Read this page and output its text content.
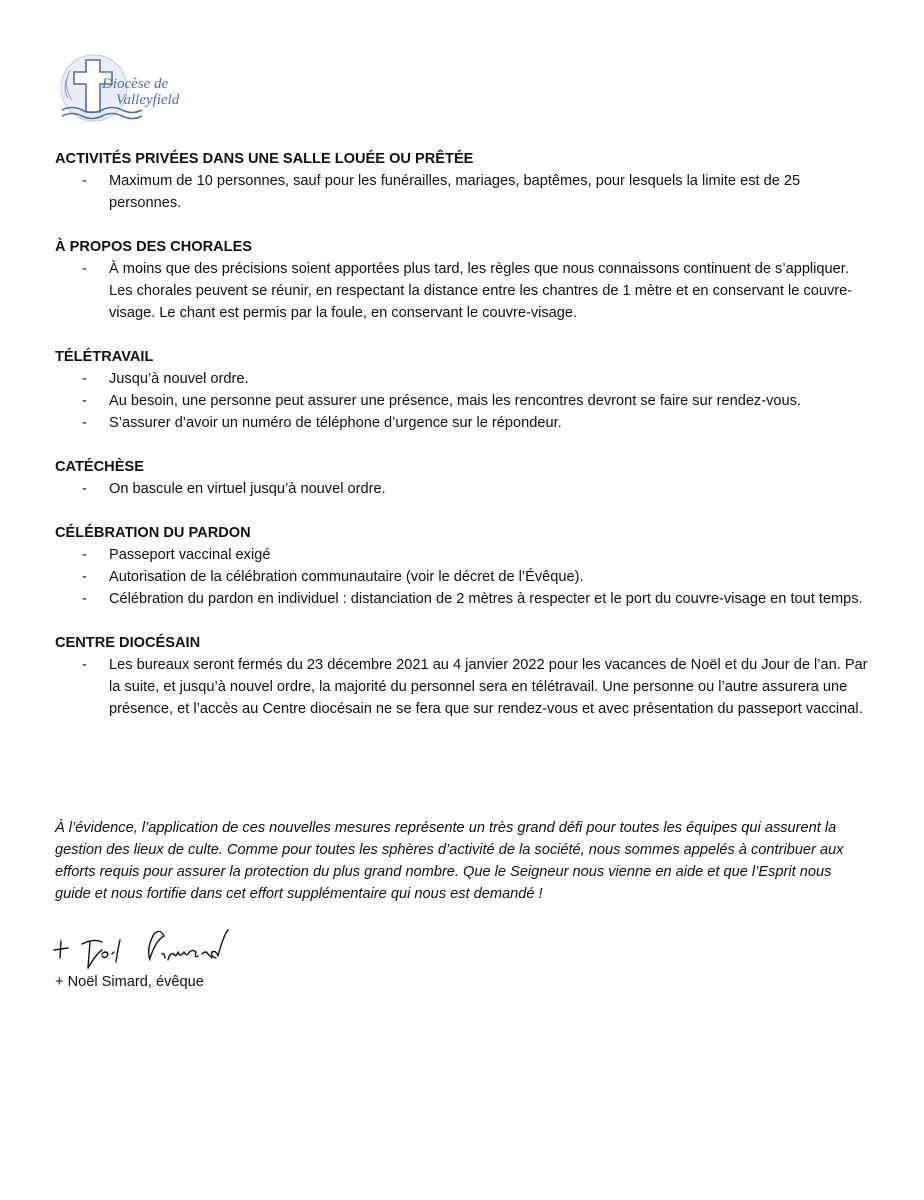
Diocèse de
Valleyfield
ACTIVITÉS PRIVÉES DANS UNE SALLE LOUÉE OU PRÊTÉE
- Maximum de 10 personnes, sauf pour les funérailles, mariages, baptêmes, pour lesquels la limite est de 25 personnes.
À PROPOS DES CHORALES
- À moins que des précisions soient apportées plus tard, les règles que nous connaissons continuent de s’appliquer. Les chorales peuvent se réunir, en respectant la distance entre les chantres de 1 mètre et en conservant le couvre-visage. Le chant est permis par la foule, en conservant le couvre-visage.
TÉLÉTRAVAIL
- Jusqu’à nouvel ordre.
- Au besoin, une personne peut assurer une présence, mais les rencontres devront se faire sur rendez-vous.
- S’assurer d’avoir un numéro de téléphone d’urgence sur le répondeur.
CATÉCHÈSE
- On bascule en virtuel jusqu’à nouvel ordre.
CÉLÉBRATION DU PARDON
- Passeport vaccinal exigé
- Autorisation de la célébration communautaire (voir le décret de l’Évêque).
- Célébration du pardon en individuel : distanciation de 2 mètres à respecter et le port du couvre-visage en tout temps.
CENTRE DIOCÉSAIN
- Les bureaux seront fermés du 23 décembre 2021 au 4 janvier 2022 pour les vacances de Noël et du Jour de l’an. Par la suite, et jusqu’à nouvel ordre, la majorité du personnel sera en télétravail. Une personne ou l’autre assurera une présence, et l’accès au Centre diocésain ne se fera que sur rendez-vous et avec présentation du passeport vaccinal.
À l’évidence, l’application de ces nouvelles mesures représente un très grand défi pour toutes les équipes qui assurent la gestion des lieux de culte. Comme pour toutes les sphères d’activité de la société, nous sommes appelés à contribuer aux efforts requis pour assurer la protection du plus grand nombre. Que le Seigneur nous vienne en aide et que l’Esprit nous guide et nous fortifie dans cet effort supplémentaire qui nous est demandé !
+ Noël Simard, évêque
